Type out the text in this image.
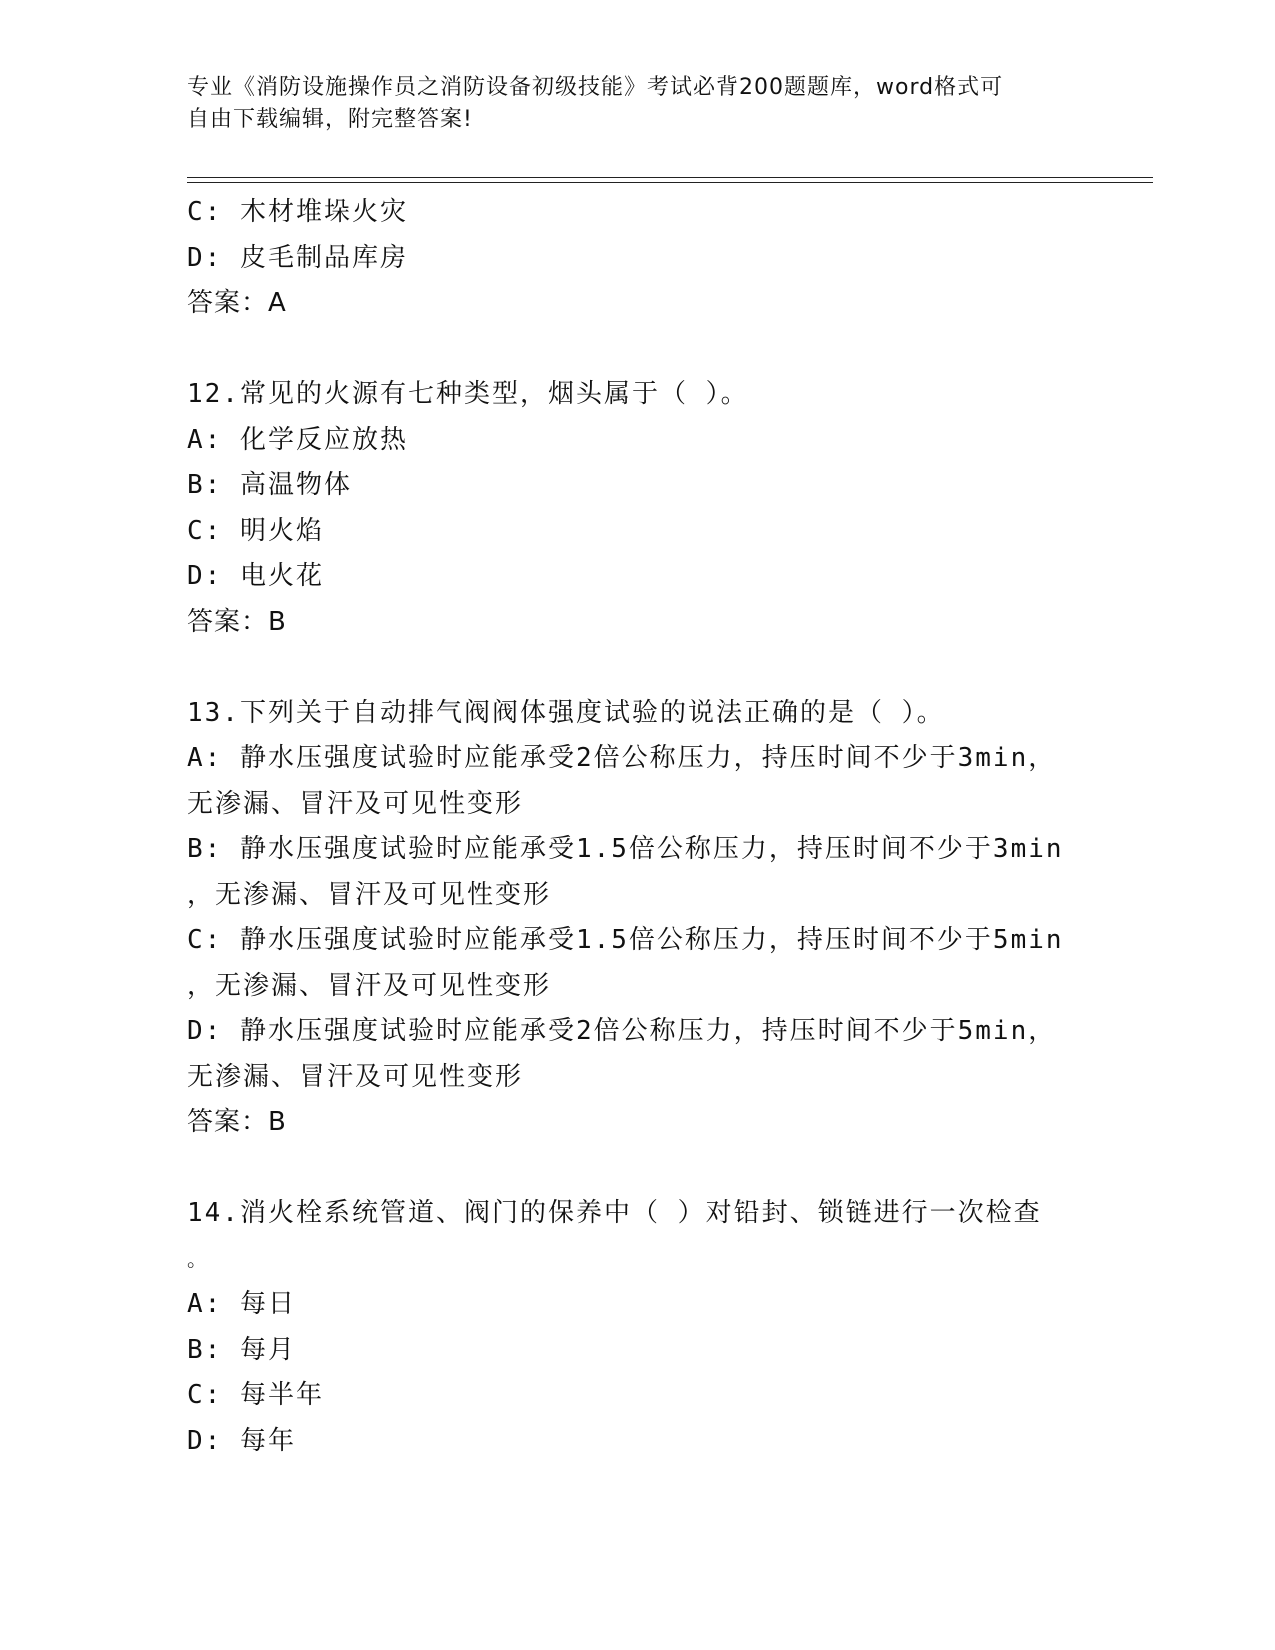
专业《消防设施操作员之消防设备初级技能》考试必背200题题库，word格式可
自由下载编辑，附完整答案!
C: 木材堆垛火灾
D: 皮毛制品库房
答案：A
12.常见的火源有七种类型，烟头属于（ ）。
A: 化学反应放热
B: 高温物体
C: 明火焰
D: 电火花
答案：B
13.下列关于自动排气阀阀体强度试验的说法正确的是（ ）。
A: 静水压强度试验时应能承受2倍公称压力，持压时间不少于3min，
无渗漏、冒汗及可见性变形
B: 静水压强度试验时应能承受1.5倍公称压力，持压时间不少于3min
，无渗漏、冒汗及可见性变形
C: 静水压强度试验时应能承受1.5倍公称压力，持压时间不少于5min
，无渗漏、冒汗及可见性变形
D: 静水压强度试验时应能承受2倍公称压力，持压时间不少于5min，
无渗漏、冒汗及可见性变形
答案：B
14.消火栓系统管道、阀门的保养中（ ）对铅封、锁链进行一次检查
。
A: 每日
B: 每月
C: 每半年
D: 每年
